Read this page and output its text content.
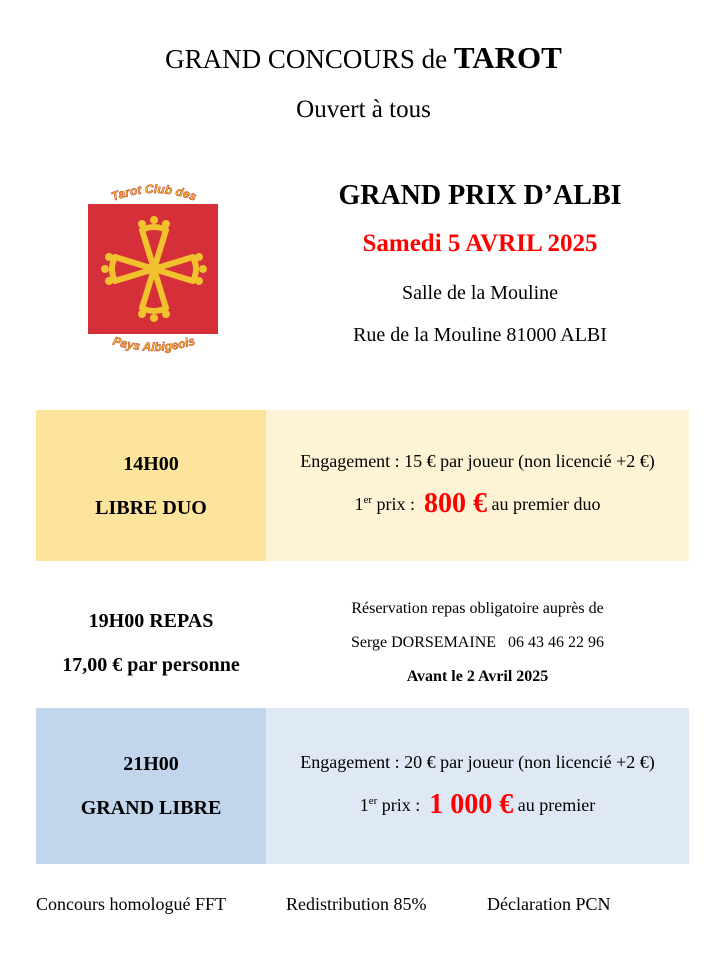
GRAND CONCOURS de TAROT
Ouvert à tous
Tarot Club des
Pays Albigeois
GRAND PRIX D’ALBI
Samedi 5 AVRIL 2025
Salle de la Mouline
Rue de la Mouline 81000 ALBI
14H00
LIBRE DUO
Engagement : 15 € par joueur (non licencié +2 €)
1er prix :  800 € au premier duo
19H00 REPAS
17,00 € par personne
Réservation repas obligatoire auprès de
Serge DORSEMAINE   06 43 46 22 96
Avant le 2 Avril 2025
21H00
GRAND LIBRE
Engagement : 20 € par joueur (non licencié +2 €)
1er prix :  1 000 € au premier
Concours homologué FFT	Redistribution 85%	Déclaration PCN
